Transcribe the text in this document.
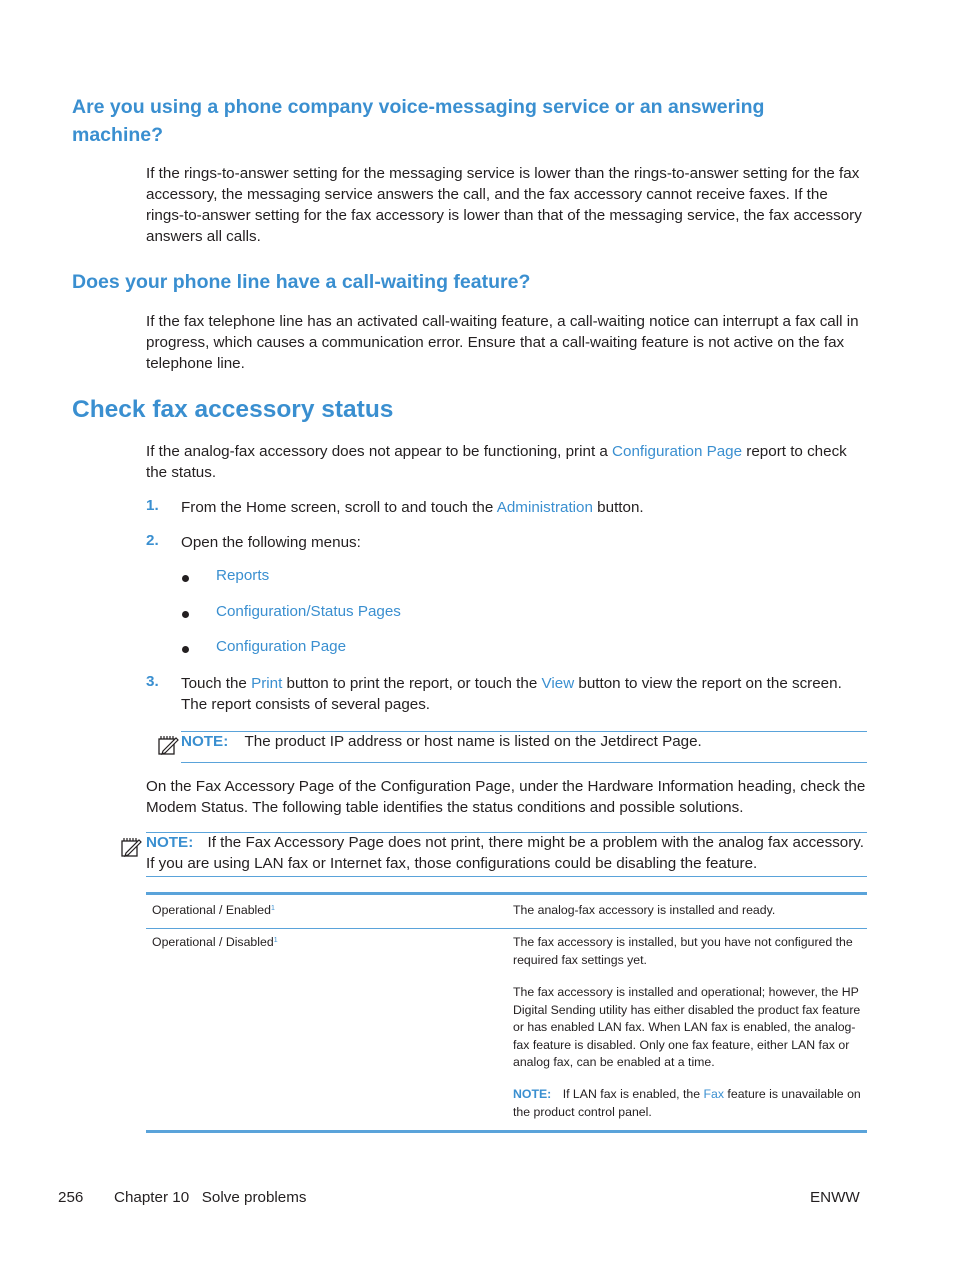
Are you using a phone company voice-messaging service or an answering machine?
If the rings-to-answer setting for the messaging service is lower than the rings-to-answer setting for the fax accessory, the messaging service answers the call, and the fax accessory cannot receive faxes. If the rings-to-answer setting for the fax accessory is lower than that of the messaging service, the fax accessory answers all calls.
Does your phone line have a call-waiting feature?
If the fax telephone line has an activated call-waiting feature, a call-waiting notice can interrupt a fax call in progress, which causes a communication error. Ensure that a call-waiting feature is not active on the fax telephone line.
Check fax accessory status
If the analog-fax accessory does not appear to be functioning, print a Configuration Page report to check the status.
1. From the Home screen, scroll to and touch the Administration button.
2. Open the following menus:
Reports
Configuration/Status Pages
Configuration Page
3. Touch the Print button to print the report, or touch the View button to view the report on the screen. The report consists of several pages.
NOTE: The product IP address or host name is listed on the Jetdirect Page.
On the Fax Accessory Page of the Configuration Page, under the Hardware Information heading, check the Modem Status. The following table identifies the status conditions and possible solutions.
NOTE: If the Fax Accessory Page does not print, there might be a problem with the analog fax accessory. If you are using LAN fax or Internet fax, those configurations could be disabling the feature.
Operational / Enabled$^1$	The analog-fax accessory is installed and ready.
Operational / Disabled$^1$	The fax accessory is installed, but you have not configured the required fax settings yet.
The fax accessory is installed and operational; however, the HP Digital Sending utility has either disabled the product fax feature or has enabled LAN fax. When LAN fax is enabled, the analog-fax feature is disabled. Only one fax feature, either LAN fax or analog fax, can be enabled at a time.
NOTE: If LAN fax is enabled, the Fax feature is unavailable on the product control panel.
256 Chapter 10   Solve problems	ENWW
